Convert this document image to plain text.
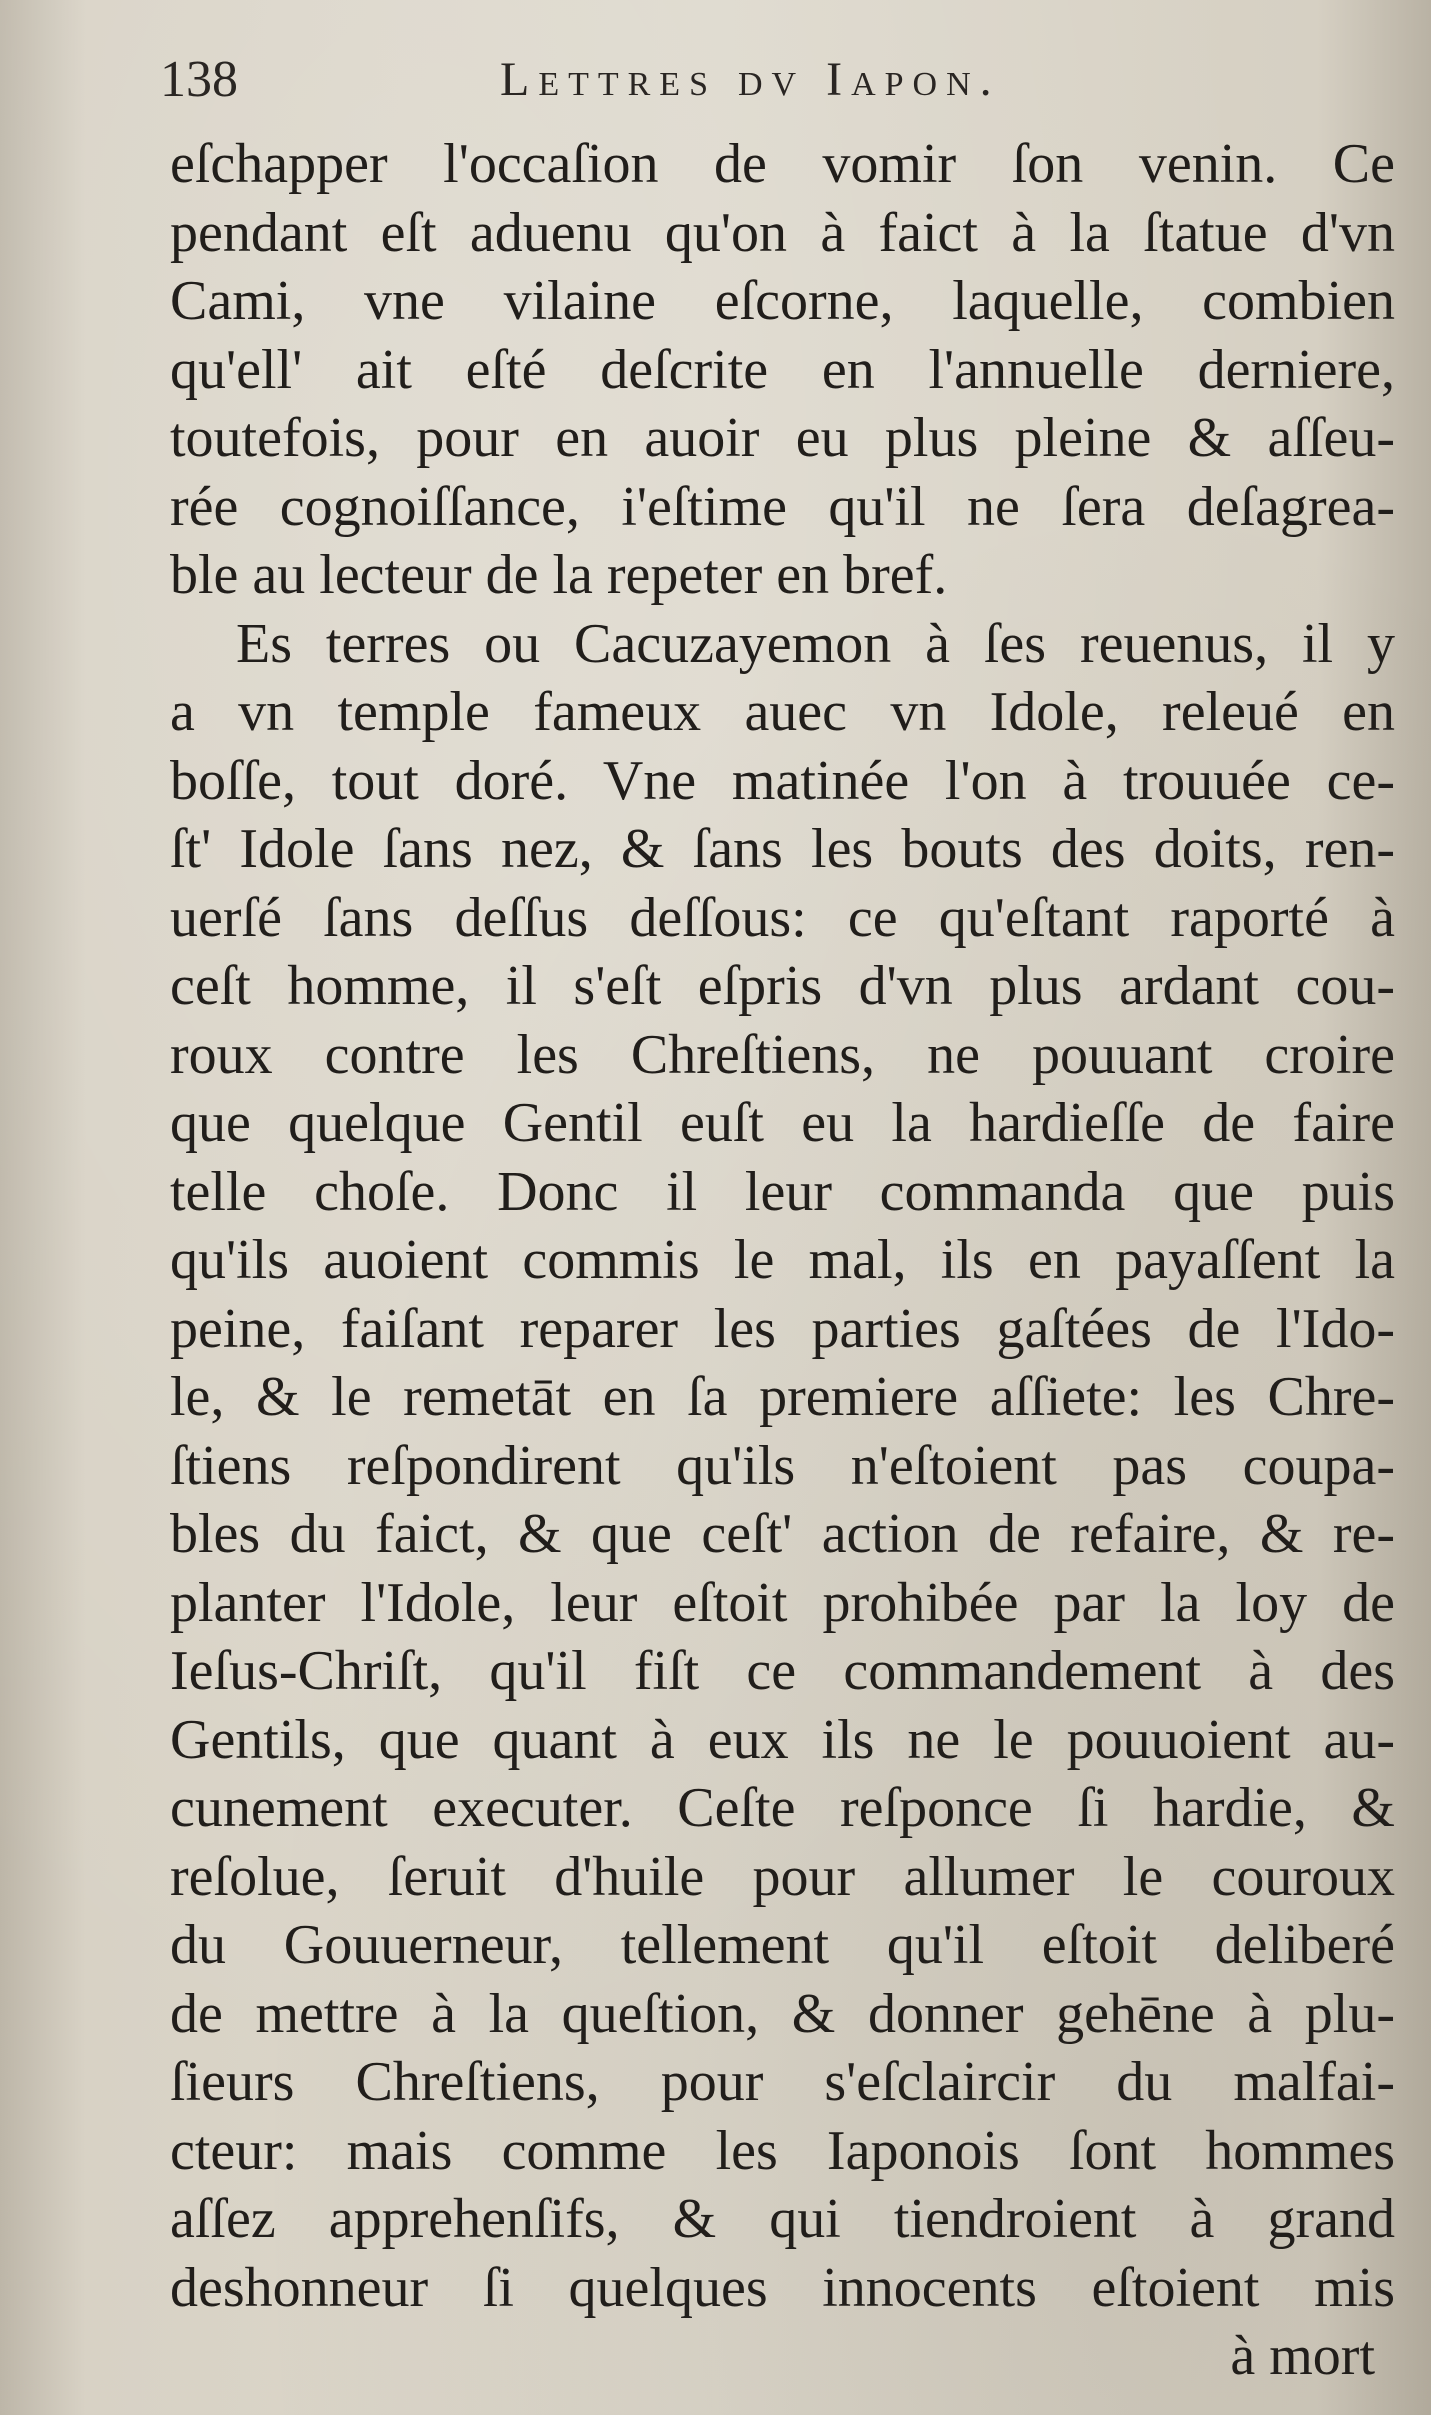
138	Lettres dv Iapon.
eſchapper l'occaſion de vomir ſon venin. Ce
pendant eſt aduenu qu'on à faict à la ſtatue d'vn
Cami, vne vilaine eſcorne, laquelle, combien
qu'ell' ait eſté deſcrite en l'annuelle derniere,
toutefois, pour en auoir eu plus pleine & aſſeu-
rée cognoiſſance, i'eſtime qu'il ne ſera deſagrea-
ble au lecteur de la repeter en bref.
Es terres ou Cacuzayemon à ſes reuenus, il y
a vn temple fameux auec vn Idole, releué en
boſſe, tout doré. Vne matinée l'on à trouuée ce-
ſt' Idole ſans nez, & ſans les bouts des doits, ren-
uerſé ſans deſſus deſſous: ce qu'eſtant raporté à
ceſt homme, il s'eſt eſpris d'vn plus ardant cou-
roux contre les Chreſtiens, ne pouuant croire
que quelque Gentil euſt eu la hardieſſe de faire
telle choſe. Donc il leur commanda que puis
qu'ils auoient commis le mal, ils en payaſſent la
peine, faiſant reparer les parties gaſtées de l'Ido-
le, & le remetāt en ſa premiere aſſiete: les Chre-
ſtiens reſpondirent qu'ils n'eſtoient pas coupa-
bles du faict, & que ceſt' action de refaire, & re-
planter l'Idole, leur eſtoit prohibée par la loy de
Ieſus-Chriſt, qu'il fiſt ce commandement à des
Gentils, que quant à eux ils ne le pouuoient au-
cunement executer. Ceſte reſponce ſi hardie, &
reſolue, ſeruit d'huile pour allumer le couroux
du Gouuerneur, tellement qu'il eſtoit deliberé
de mettre à la queſtion, & donner gehēne à plu-
ſieurs Chreſtiens, pour s'eſclaircir du malfai-
cteur: mais comme les Iaponois ſont hommes
aſſez apprehenſifs, & qui tiendroient à grand
deshonneur ſi quelques innocents eſtoient mis
à mort
